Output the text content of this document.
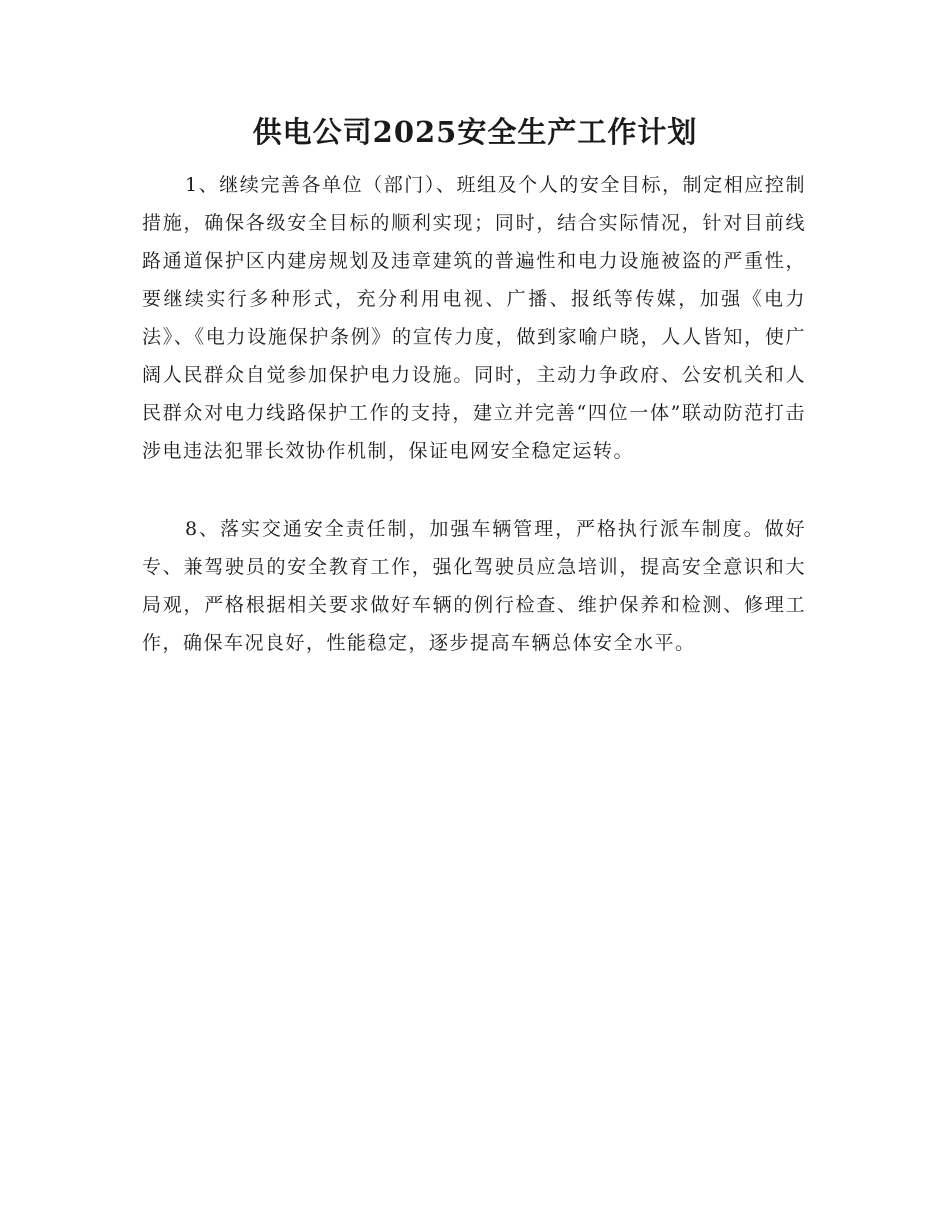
供电公司2025安全生产工作计划

1、继续完善各单位（部门）、班组及个人的安全目标，制定相应控制措施，确保各级安全目标的顺利实现；同时，结合实际情况，针对目前线路通道保护区内建房规划及违章建筑的普遍性和电力设施被盗的严重性，要继续实行多种形式，充分利用电视、广播、报纸等传媒，加强《电力法》、《电力设施保护条例》的宣传力度，做到家喻户晓，人人皆知，使广阔人民群众自觉参加保护电力设施。同时，主动力争政府、公安机关和人民群众对电力线路保护工作的支持，建立并完善“四位一体”联动防范打击涉电违法犯罪长效协作机制，保证电网安全稳定运转。

8、落实交通安全责任制，加强车辆管理，严格执行派车制度。做好专、兼驾驶员的安全教育工作，强化驾驶员应急培训，提高安全意识和大局观，严格根据相关要求做好车辆的例行检查、维护保养和检测、修理工作，确保车况良好，性能稳定，逐步提高车辆总体安全水平。
